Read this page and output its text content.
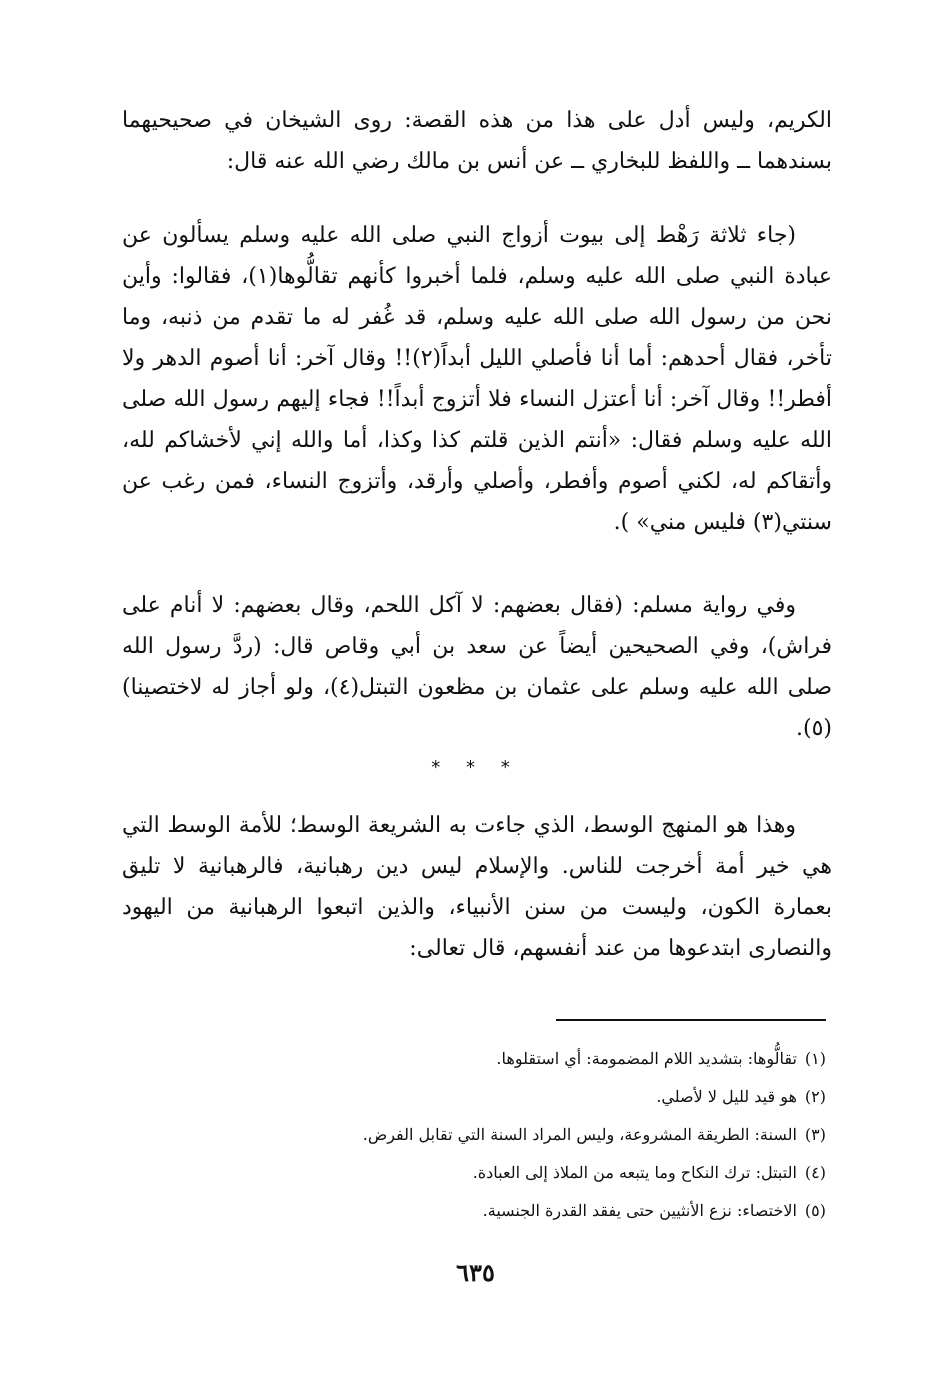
الكريم، وليس أدل على هذا من هذه القصة: روى الشيخان في صحيحيهما بسندهما ــ واللفظ للبخاري ــ عن أنس بن مالك رضي الله عنه قال:

(جاء ثلاثة رَهْط إلى بيوت أزواج النبي صلى الله عليه وسلم يسألون عن عبادة النبي صلى الله عليه وسلم، فلما أخبروا كأنهم تقالُّوها(١)، فقالوا: وأين نحن من رسول الله صلى الله عليه وسلم، قد غُفر له ما تقدم من ذنبه، وما تأخر، فقال أحدهم: أما أنا فأصلي الليل أبداً(٢)!! وقال آخر: أنا أصوم الدهر ولا أفطر!! وقال آخر: أنا أعتزل النساء فلا أتزوج أبداً!! فجاء إليهم رسول الله صلى الله عليه وسلم فقال: «أنتم الذين قلتم كذا وكذا، أما والله إني لأخشاكم لله، وأتقاكم له، لكني أصوم وأفطر، وأصلي وأرقد، وأتزوج النساء، فمن رغب عن سنتي(٣) فليس مني» ).

وفي رواية مسلم: (فقال بعضهم: لا آكل اللحم، وقال بعضهم: لا أنام على فراش)، وفي الصحيحين أيضاً عن سعد بن أبي وقاص قال: (ردَّ رسول الله صلى الله عليه وسلم على عثمان بن مظعون التبتل(٤)، ولو أجاز له لاختصينا)(٥).

* * *

وهذا هو المنهج الوسط، الذي جاءت به الشريعة الوسط؛ للأمة الوسط التي هي خير أمة أخرجت للناس. والإسلام ليس دين رهبانية، فالرهبانية لا تليق بعمارة الكون، وليست من سنن الأنبياء، والذين اتبعوا الرهبانية من اليهود والنصارى ابتدعوها من عند أنفسهم، قال تعالى:

(١)تقالُّوها: بتشديد اللام المضمومة: أي استقلوها.
(٢)هو قيد لليل لا لأصلي.
(٣)السنة: الطريقة المشروعة، وليس المراد السنة التي تقابل الفرض.
(٤)التبتل: ترك النكاح وما يتبعه من الملاذ إلى العبادة.
(٥)الاختصاء: نزع الأنثيين حتى يفقد القدرة الجنسية.

٦٣٥
